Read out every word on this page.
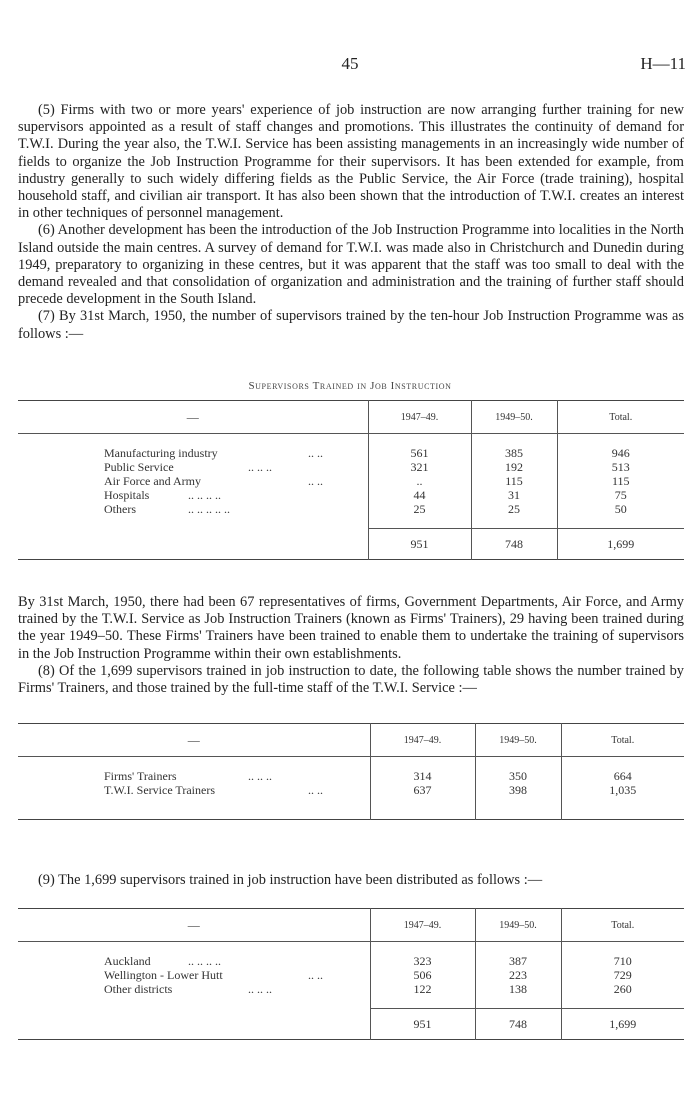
45	H—11

(5) Firms with two or more years' experience of job instruction are now arranging further training for new supervisors appointed as a result of staff changes and promotions. This illustrates the continuity of demand for T.W.I. During the year also, the T.W.I. Service has been assisting managements in an increasingly wide number of fields to organize the Job Instruction Programme for their supervisors. It has been extended for example, from industry generally to such widely differing fields as the Public Service, the Air Force (trade training), hospital household staff, and civilian air transport. It has also been shown that the introduction of T.W.I. creates an interest in other techniques of personnel management.

(6) Another development has been the introduction of the Job Instruction Programme into localities in the North Island outside the main centres. A survey of demand for T.W.I. was made also in Christchurch and Dunedin during 1949, preparatory to organizing in these centres, but it was apparent that the staff was too small to deal with the demand revealed and that consolidation of organization and administration and the training of further staff should precede development in the South Island.

(7) By 31st March, 1950, the number of supervisors trained by the ten-hour Job Instruction Programme was as follows :—

Supervisors Trained in Job Instruction
—	1947–49.	1949–50.	Total.

Manufacturing industry .. ..	561	385	946
Public Service .. .. ..	321	192	513
Air Force and Army .. ..	..	115	115
Hospitals .. .. .. ..	44	31	75
Others .. .. .. .. ..	25	25	50

	951	748	1,699

By 31st March, 1950, there had been 67 representatives of firms, Government Departments, Air Force, and Army trained by the T.W.I. Service as Job Instruction Trainers (known as Firms' Trainers), 29 having been trained during the year 1949–50. These Firms' Trainers have been trained to enable them to undertake the training of supervisors in the Job Instruction Programme within their own establishments.

(8) Of the 1,699 supervisors trained in job instruction to date, the following table shows the number trained by Firms' Trainers, and those trained by the full-time staff of the T.W.I. Service :—

—	1947–49.	1949–50.	Total.

Firms' Trainers .. .. ..	314	350	664
T.W.I. Service Trainers .. ..	637	398	1,035

(9) The 1,699 supervisors trained in job instruction have been distributed as follows :—

—	1947–49.	1949–50.	Total.

Auckland .. .. .. ..	323	387	710
Wellington - Lower Hutt .. ..	506	223	729
Other districts .. .. ..	122	138	260

	951	748	1,699
